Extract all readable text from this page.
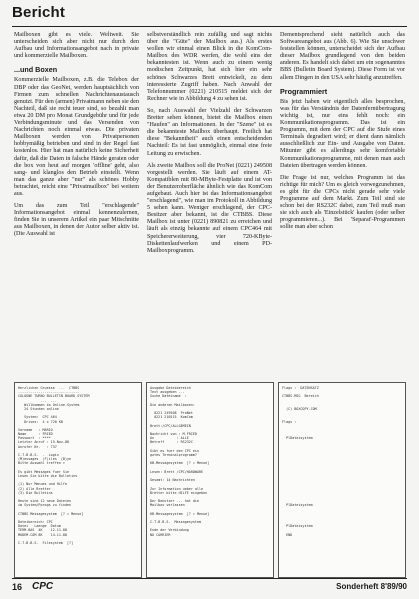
Bericht

Mailboxen gibt es viele. Weltweit. Sie unterscheiden sich aber nicht nur durch den Aufbau und Informationsangebot nach in private und kommerzielle Mailboxen.

...und Boxen

Kommerzielle Mailboxen, z.B. die Telebox der DBP oder das GeoNet, werden hauptsächlich von Firmen zum schnellen Nachrichtenaustausch genutzt. Für den (armen) Privatmann neben sie den Nachteil, daß sie recht teuer sind, so bezahlt man etwa 20 DM pro Monat Grundgebühr und für jede Verbindungsminute und das Versenden von Nachrichten noch einmal etwas. Die privaten Mailboxen werden von Privatpersonen hobbymäßig betrieben und sind in der Regel fast kostenlos. Hier hat man natürlich keine Sicherheit dafür, daß die Daten in falsche Hände geraten oder die box von heut auf morgen 'offline' geht, also sang- und klanglos den Betrieb einstellt. Wenn man das ganze aber "nur" als schönes Hobby betrachtet, reicht eine "Privatmailbox" bei weitem aus.

Um das zum Teil "erschlagende" Informationsangebot einmal kennenzulernen, finden Sie in unserem Artikel ein paar Mitschnitte aus Mailboxen, in denen der Autor selber aktiv ist. (Die Auswahl ist

selbstverständlich rein zufällig und sagt nichts über die "Güte" der Mailbox aus.) Als erstes wollen wir einmal einen Blick in die KomCom-Mailbox des WDR werfen, die wohl eins der bekanntesten ist. Wenn auch zu einem wenig modischen Zeitpunkt, hat sich hier ein sehr schönes Schwarzes Brett entwickelt, zu dem interessierte Zugriff haben. Nach Anwahl der Telefonnummer (0221) 210515 meldet sich der Rechner wie in Abbildung 4 zu sehen ist.

So, nach Auswahl der Vielzahl der Schwarzen Bretter sehen können, bietet die Mailbox einen "Haufen" an Informationen. In der "Szene" ist es die bekannteste Mailbox überhaupt. Freilich hat diese "Bekanntheit" auch einen entscheidenden Nachteil: Es ist fast unmöglich, einmal eine freie Leitung zu erwischen.

Als zweite Mailbox soll die ProNet (0221) 249508 vorgestellt werden. Sie läuft auf einem AT-Kompatiblen mit 80-MByte-Festplatte und ist von der Benutzeroberfläche ähnlich wie das KomCom aufgebaut. Auch hier ist das Informationsangebot "erschlagend", wie man im Protokoll in Abbildung 5 sehen kann. Weniger erschlagend, der CPC-Besitzer aber bekannt, ist die CTBBS. Diese Mailbox ist unter (0221) 890821 zu erreichen und läuft als einzig bekannte auf einem CPC464 mit Speichererweiterung, vier 720-KByte-Diskettenlaufwerken und einem PD-Mailboxprogramm.

Dementsprechend sieht natürlich auch das Softwareangebot aus (Abb. 6). Wie Sie unschwer feststellen können, unterscheidet sich der Aufbau dieser Mailbox grundlegend von den beiden anderen. Es handelt sich dabei um ein sogenanntes BBS (Bulletin Board System). Diese Form ist vor allem Dingen in den USA sehr häufig anzutreffen.

Programmiert

Bis jetzt haben wir eigentlich alles besprochen, was für das Verständnis der Datenfernübertragung wichtig ist, nur eins fehlt noch: ein Kommunikationsprogramm. Das ist ein Programm, mit dem der CPC auf die Stufe eines Terminals degradiert wird; er dient dann nämlich ausschließlich zur Ein- und Ausgabe von Daten. Mitunter gibt es allerdings sehr komfortable Kommunikationsprogramme, mit denen man auch Dateien übertragen werden können.

Die Frage ist nur, welches Programm ist das richtige für mich? Um es gleich vorwegzunehmen, es gibt für die CPCs nicht gerade sehr viele Programme auf dem Markt. Zum Teil sind sie schon bei der RS232C dabei, zum Teil muß man sie sich auch als 'Einzelstück' kaufen (oder selber programmieren...). Bei 'Separat'-Programmen sollte man aber schon

Herzlichen Gruesse  ...  CTBBS
------------------------------
COLOGNE TURBO BULLETIN BOARD SYSTEM
...  ...
Willkommen im Online-System
24 Stunden online
System:  CPC 464
Drives:  4 x 720 KB
Vorname   : MARIO
Name      : FRIED
Passwort  : ****
Letzter Anruf : 15-Nov-88
Anrufer Nr.   : 737
C.T.B.B.S.  -  Login
(M)essages  (F)iles  (B)ye
Bitte Auswahl treffen >
Es gibt Messages fuer Sie
Lesen Sie bitte die Bulletins
(1) Nur Menues und Hilfe
(2) Alle Bretter
(3) Die Bulletins
Heute sind 12 neue Dateien
im System/Pprogs zu finden
CTBBS Messagesystem  [? = Menue]
Dateibereich: CPC
Datei   Laenge  Datum
TERM.BAS  4K    12-11-88
MODEM.COM 8K    14-11-88
C.T.B.B.S.  Filesystem  [?]
Ausgabe Dateibereich
Text ausgeben ...
Suche Dateiname  :
Die anderen Mailboxen:
0221 249508  ProNet
0221 210515  KomCom
Brett:/CPC/ALLGEMEIN
Nachricht von : M.FRIED
An           : ALLE
Betreff      : RS232C
Gibt es fuer den CPC ein
gutes Terminalprogramm?
KB-Messagesystem  [? = Menue]
Lesen: Brett /CPC/HARDWARE
Gesamt: 14 Nachrichten
Zur Information ueber alle
Bretter bitte HILFE eingeben
Der Benutzer ... hat die
Mailbox verlassen
KB-Messagesystem  [? = Menue]
C.T.B.B.S.  Messagesystem
Ende der Verbindung
NO CARRIER
Flags :  DATENSATZ
CTBBS.MSG  Bereich
(C) BOXCOPY.COM
Flags :
PlDateisystem
PlDateisystem
PlDateisystem
END
16 CPC	Sonderheft 8'89/90
